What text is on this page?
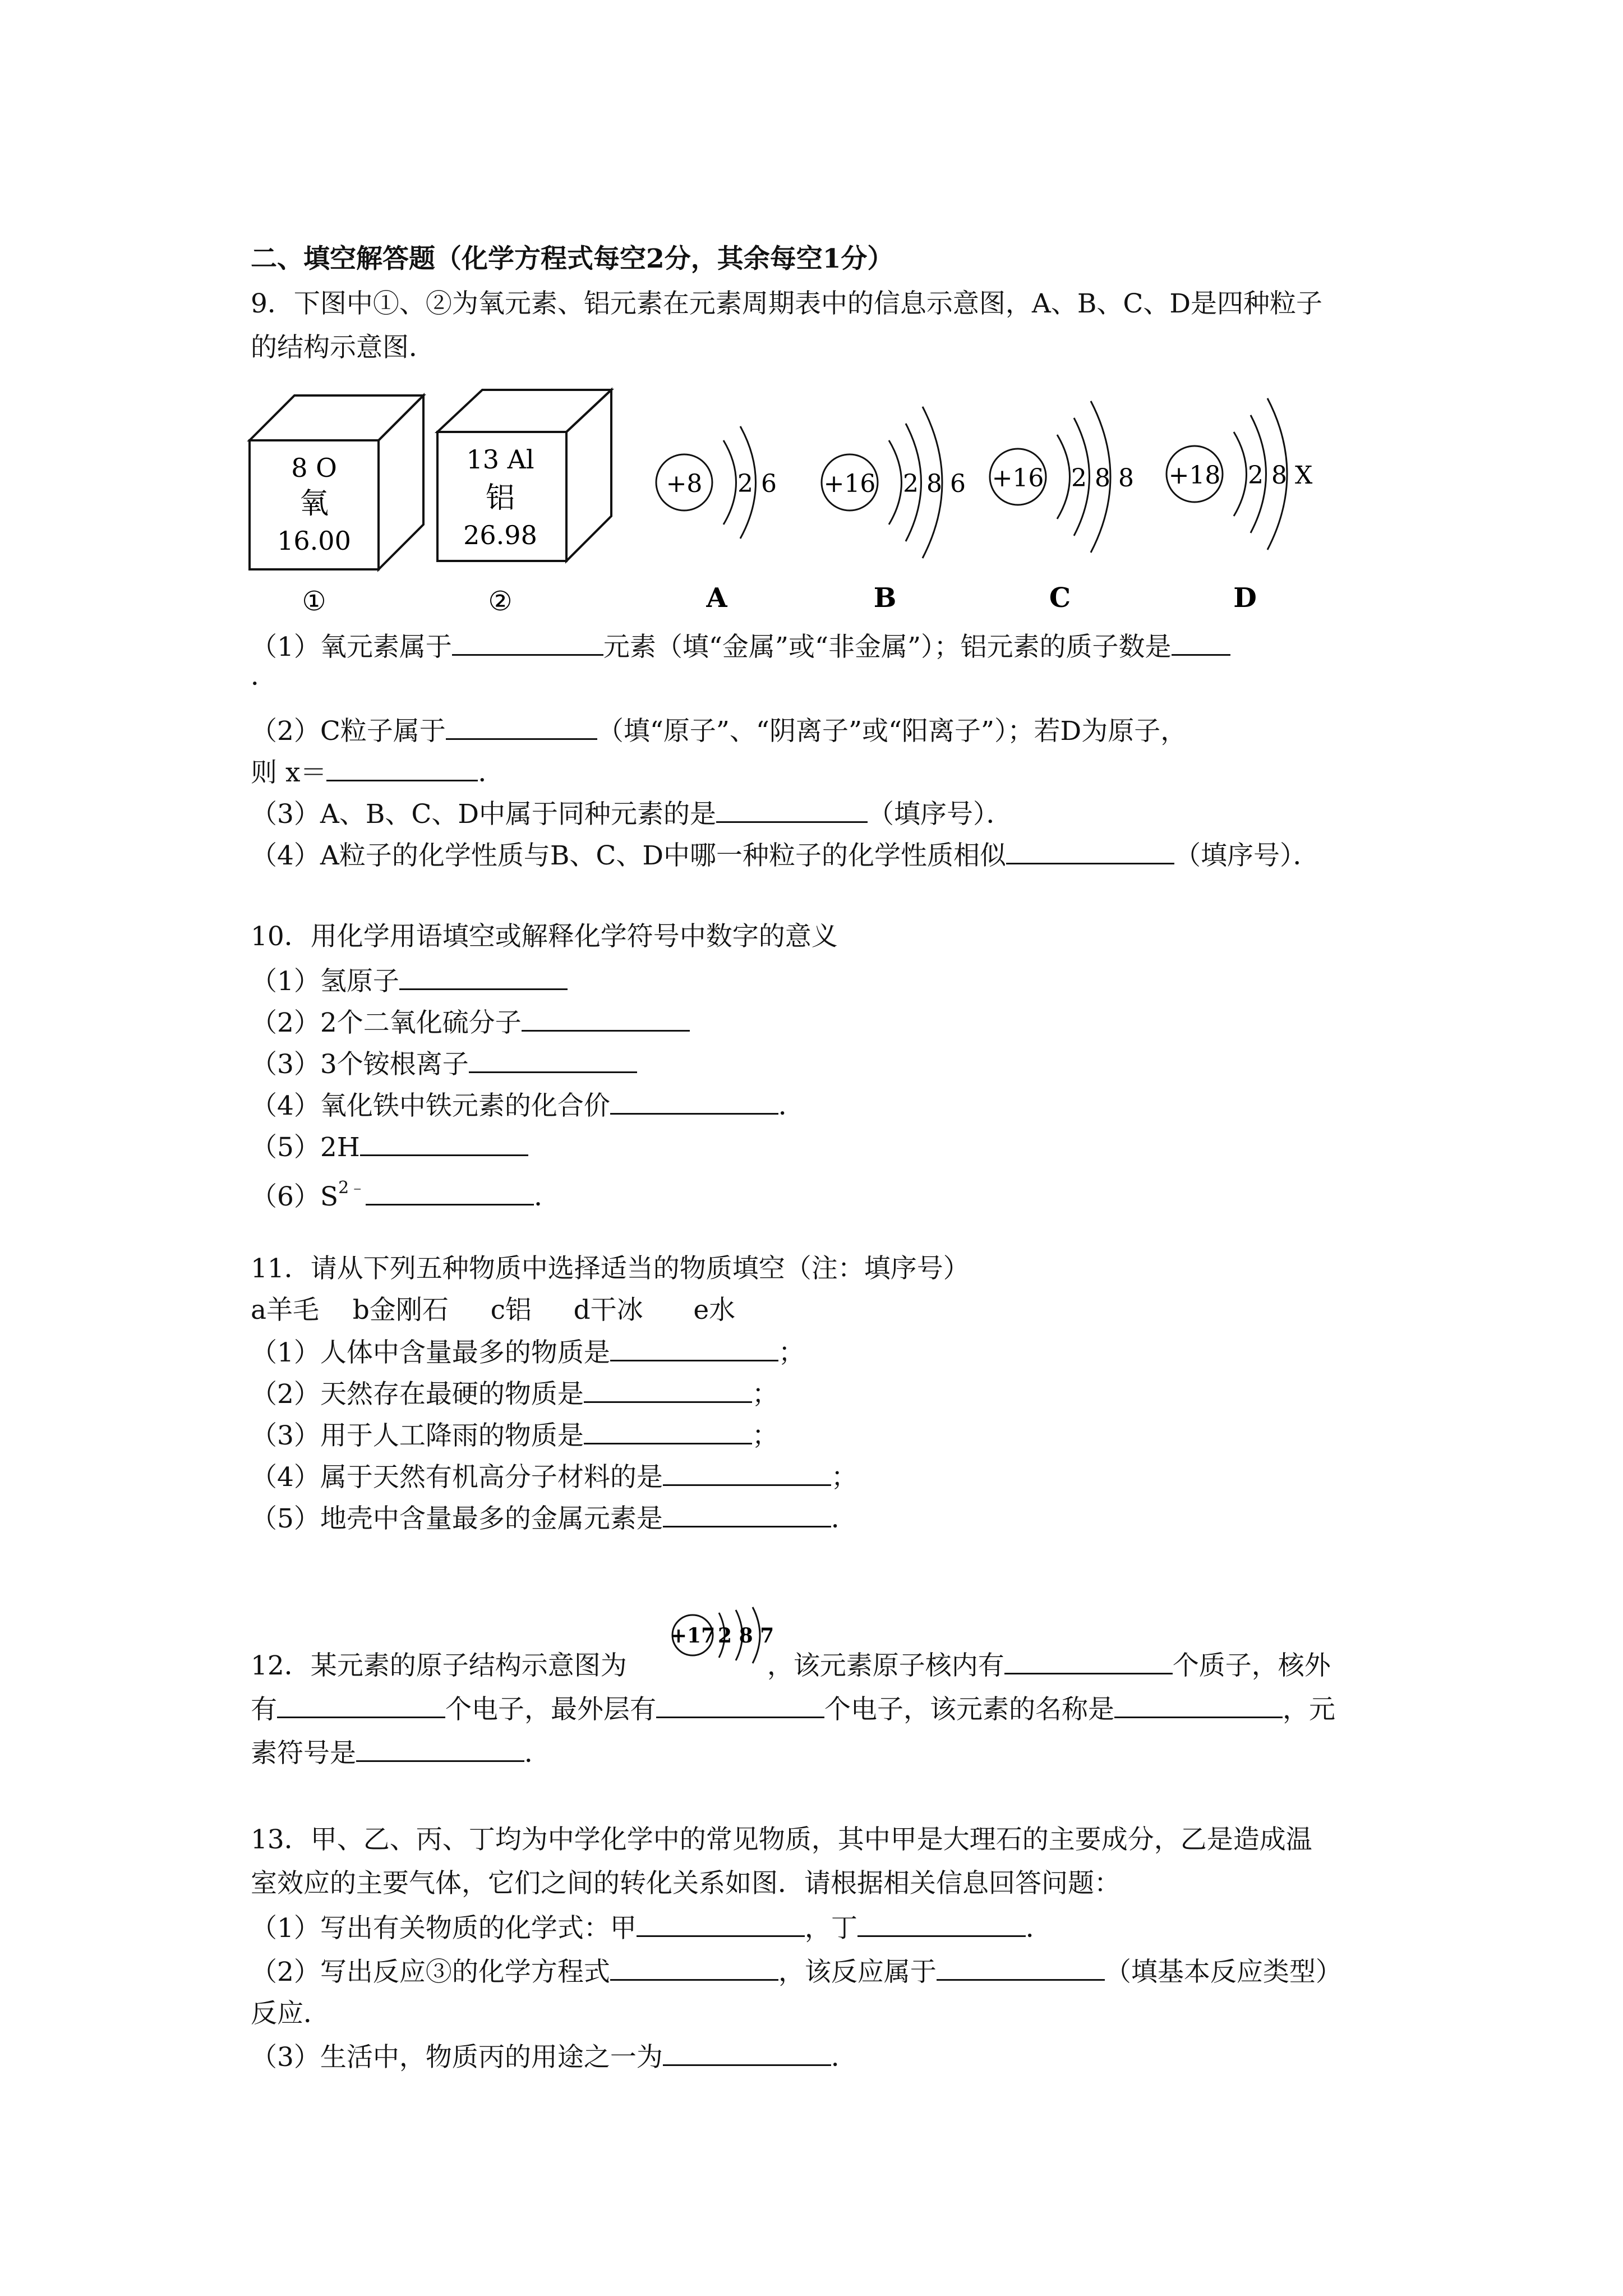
二、填空解答题（化学方程式每空2分，其余每空1分）
9．下图中①、②为氧元素、铝元素在元素周期表中的信息示意图，A、B、C、D是四种粒子
的结构示意图．
8 O
氧
16.00
13 Al
铝
26.98
+8 2 6 +16 2 8 6 +16 2 8 8 +18 2 8 X
①	②	A	B	C	D
（1）氧元素属于	元素（填“金属”或“非金属”）；铝元素的质子数是
．
（2）C粒子属于	（填“原子”、“阴离子”或“阳离子”）；若D为原子，
则 x＝	．
（3）A、B、C、D中属于同种元素的是	（填序号）．
（4）A粒子的化学性质与B、C、D中哪一种粒子的化学性质相似	（填序号）．
10．用化学用语填空或解释化学符号中数字的意义
（1）氢原子
（2）2个二氧化硫分子
（3）3个铵根离子
（4）氧化铁中铁元素的化合价	．
（5）2H
$(6)S^{2﹣}$	．
11．请从下列五种物质中选择适当的物质填空（注：填序号）
a羊毛    b金刚石     c铝     d干冰      e水
（1）人体中含量最多的物质是	；
（2）天然存在最硬的物质是	；
（3）用于人工降雨的物质是	；
（4）属于天然有机高分子材料的是	；
（5）地壳中含量最多的金属元素是	．
+17 2 8 7
12．某元素的原子结构示意图为	，该元素原子核内有	个质子，核外
有	个电子，最外层有	个电子，该元素的名称是	，元
素符号是	．
13．甲、乙、丙、丁均为中学化学中的常见物质，其中甲是大理石的主要成分，乙是造成温
室效应的主要气体，它们之间的转化关系如图．请根据相关信息回答问题：
（1）写出有关物质的化学式：甲	，丁	．
（2）写出反应③的化学方程式	，该反应属于	（填基本反应类型）
反应．
（3）生活中，物质丙的用途之一为	．
